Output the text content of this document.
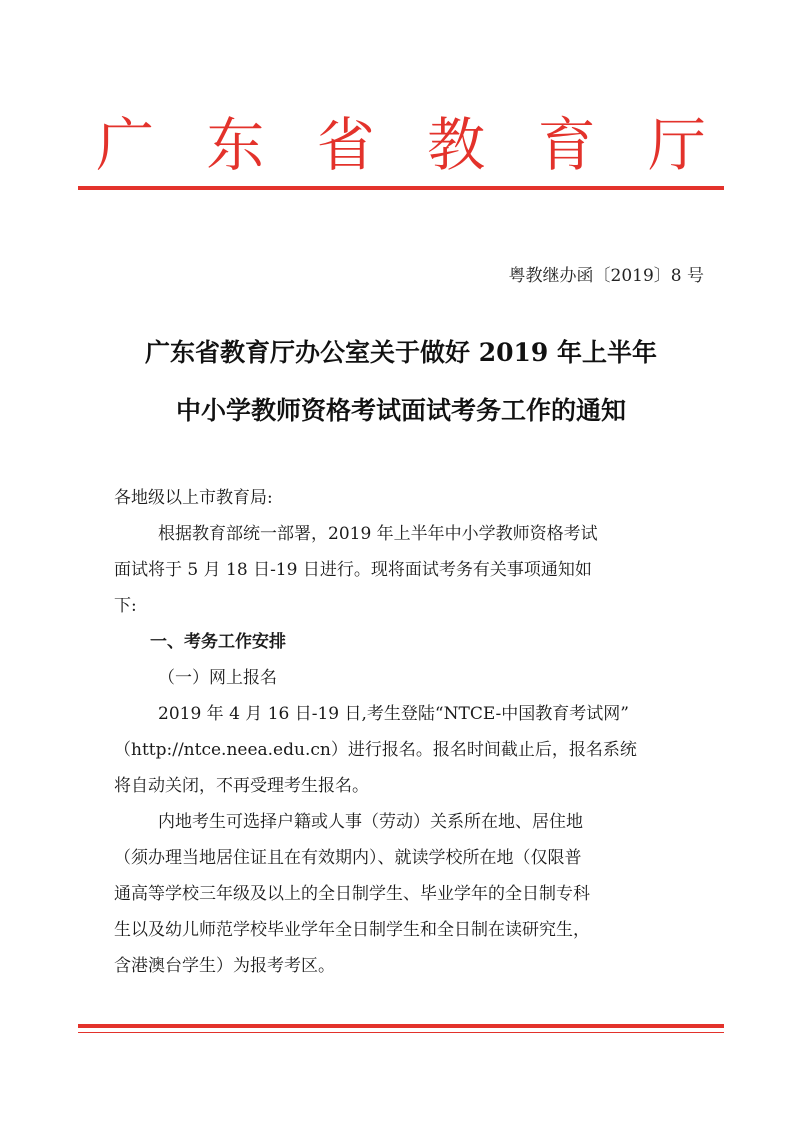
广 东 省 教 育 厅
粤教继办函〔2019〕8 号
广东省教育厅办公室关于做好 2019 年上半年
中小学教师资格考试面试考务工作的通知
各地级以上市教育局:
根据教育部统一部署，2019 年上半年中小学教师资格考试
面试将于 5 月 18 日-19 日进行。现将面试考务有关事项通知如
下:
一、考务工作安排
（一）网上报名
2019 年 4 月 16 日-19 日,考生登陆“NTCE-中国教育考试网”
（http://ntce.neea.edu.cn）进行报名。报名时间截止后，报名系统
将自动关闭，不再受理考生报名。
内地考生可选择户籍或人事（劳动）关系所在地、居住地
（须办理当地居住证且在有效期内）、就读学校所在地（仅限普
通高等学校三年级及以上的全日制学生、毕业学年的全日制专科
生以及幼儿师范学校毕业学年全日制学生和全日制在读研究生，
含港澳台学生）为报考考区。
